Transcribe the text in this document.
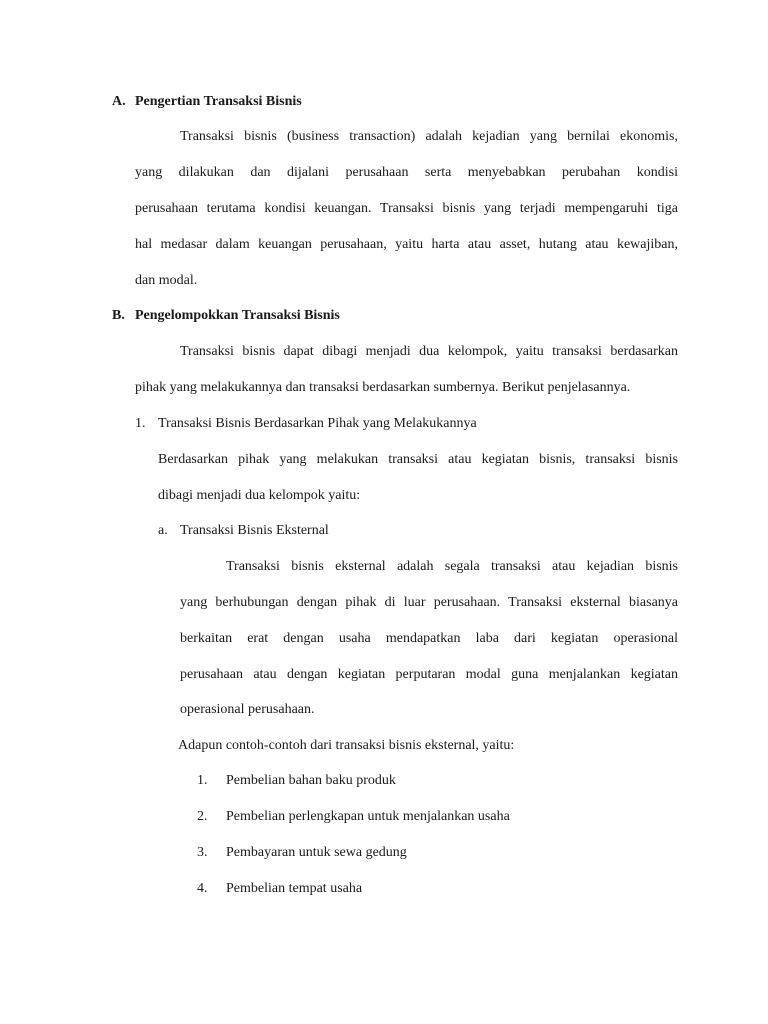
A. Pengertian Transaksi Bisnis
Transaksi bisnis (business transaction) adalah kejadian yang bernilai ekonomis,
yang dilakukan dan dijalani perusahaan serta menyebabkan perubahan kondisi
perusahaan terutama kondisi keuangan. Transaksi bisnis yang terjadi mempengaruhi tiga
hal medasar dalam keuangan perusahaan, yaitu harta atau asset, hutang atau kewajiban,
dan modal.
B. Pengelompokkan Transaksi Bisnis
Transaksi bisnis dapat dibagi menjadi dua kelompok, yaitu transaksi berdasarkan
pihak yang melakukannya dan transaksi berdasarkan sumbernya. Berikut penjelasannya.
1. Transaksi Bisnis Berdasarkan Pihak yang Melakukannya
Berdasarkan pihak yang melakukan transaksi atau kegiatan bisnis, transaksi bisnis
dibagi menjadi dua kelompok yaitu:
a. Transaksi Bisnis Eksternal
Transaksi bisnis eksternal adalah segala transaksi atau kejadian bisnis
yang berhubungan dengan pihak di luar perusahaan. Transaksi eksternal biasanya
berkaitan erat dengan usaha mendapatkan laba dari kegiatan operasional
perusahaan atau dengan kegiatan perputaran modal guna menjalankan kegiatan
operasional perusahaan.
Adapun contoh-contoh dari transaksi bisnis eksternal, yaitu:
1. Pembelian bahan baku produk
2. Pembelian perlengkapan untuk menjalankan usaha
3. Pembayaran untuk sewa gedung
4. Pembelian tempat usaha
